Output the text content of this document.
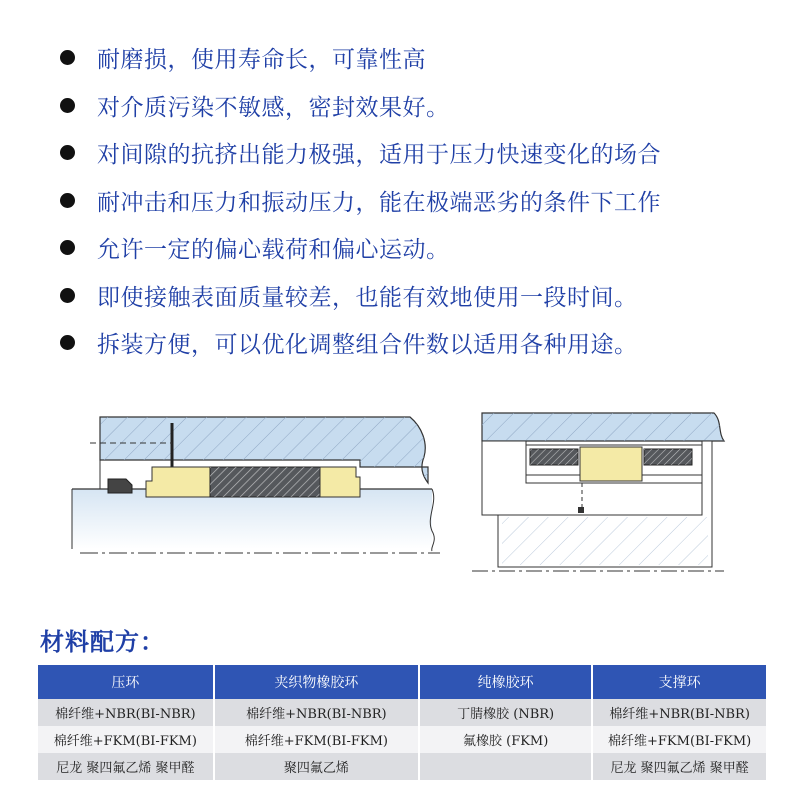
耐磨损，使用寿命长，可靠性高
对介质污染不敏感，密封效果好。
对间隙的抗挤出能力极强，适用于压力快速变化的场合
耐冲击和压力和振动压力，能在极端恶劣的条件下工作
允许一定的偏心载荷和偏心运动。
即使接触表面质量较差，也能有效地使用一段时间。
拆装方便，可以优化调整组合件数以适用各种用途。
材料配方：
压环	夹织物橡胶环	纯橡胶环	支撑环
棉纤维+NBR(BI-NBR)	棉纤维+NBR(BI-NBR)	丁腈橡胶 (NBR)	棉纤维+NBR(BI-NBR)
棉纤维+FKM(BI-FKM)	棉纤维+FKM(BI-FKM)	氟橡胶 (FKM)	棉纤维+FKM(BI-FKM)
尼龙 聚四氟乙烯 聚甲醛	聚四氟乙烯		尼龙 聚四氟乙烯 聚甲醛
